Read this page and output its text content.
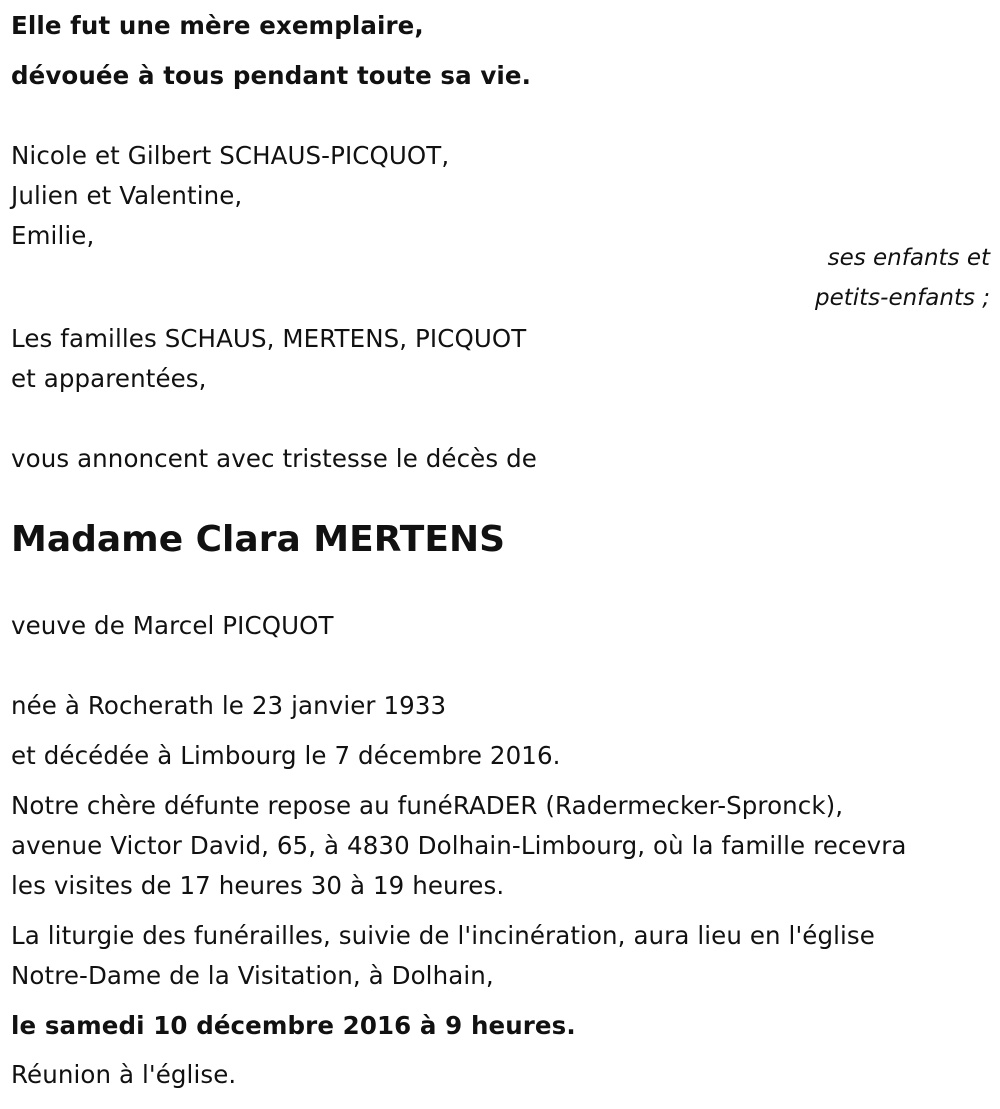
Elle fut une mère exemplaire,
dévouée à tous pendant toute sa vie.
Nicole et Gilbert SCHAUS-PICQUOT,
Julien et Valentine,
Emilie,
ses enfants et
petits-enfants ;
Les familles SCHAUS, MERTENS, PICQUOT
et apparentées,
vous annoncent avec tristesse le décès de
Madame Clara MERTENS
veuve de Marcel PICQUOT
née à Rocherath le 23 janvier 1933
et décédée à Limbourg le 7 décembre 2016.
Notre chère défunte repose au funéRADER (Radermecker-Spronck),
avenue Victor David, 65, à 4830 Dolhain-Limbourg, où la famille recevra
les visites de 17 heures 30 à 19 heures.
La liturgie des funérailles, suivie de l'incinération, aura lieu en l'église
Notre-Dame de la Visitation, à Dolhain,
le samedi 10 décembre 2016 à 9 heures.
Réunion à l'église.
